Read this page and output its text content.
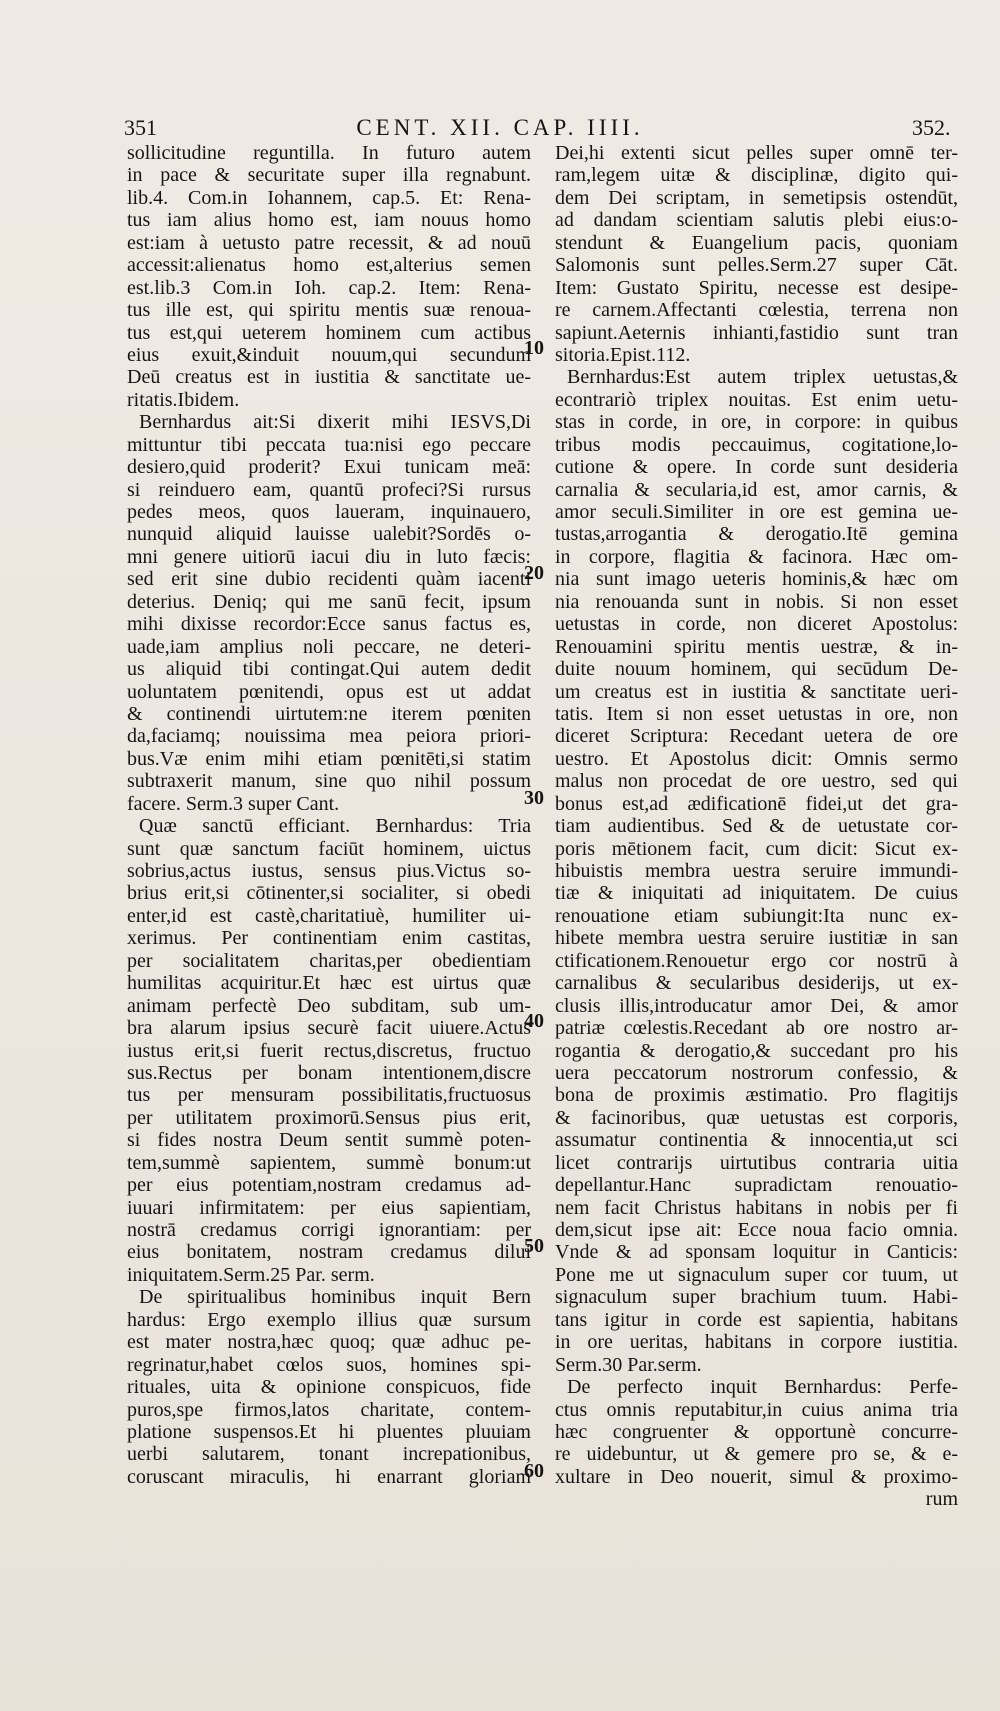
351	CENT. XII. CAP. IIII.	352.
sollicitudine reguntilla. In futuro autem
in pace & securitate super illa regnabunt.
lib.4. Com.in Iohannem, cap.5. Et: Rena-
tus iam alius homo est, iam nouus homo
est:iam à uetusto patre recessit, & ad nouū
accessit:alienatus homo est,alterius semen
est.lib.3 Com.in Ioh. cap.2. Item: Rena-
tus ille est, qui spiritu mentis suæ renoua-
tus est,qui ueterem hominem cum actibus
eius exuit,&induit nouum,qui secundum
Deū creatus est in iustitia & sanctitate ue-
ritatis.Ibidem.
Bernhardus ait:Si dixerit mihi IESVS,Di
mittuntur tibi peccata tua:nisi ego peccare
desiero,quid proderit? Exui tunicam meā:
si reinduero eam, quantū profeci?Si rursus
pedes meos, quos laueram, inquinauero,
nunquid aliquid lauisse ualebit?Sordēs o-
mni genere uitiorū iacui diu in luto fæcis:
sed erit sine dubio recidenti quàm iacenti
deterius. Deniq; qui me sanū fecit, ipsum
mihi dixisse recordor:Ecce sanus factus es,
uade,iam amplius noli peccare, ne deteri-
us aliquid tibi contingat.Qui autem dedit
uoluntatem pœnitendi, opus est ut addat
& continendi uirtutem:ne iterem pœniten
da,faciamq; nouissima mea peiora priori-
bus.Væ enim mihi etiam pœnitēti,si statim
subtraxerit manum, sine quo nihil possum
facere. Serm.3 super Cant.
Quæ sanctū efficiant. Bernhardus: Tria
sunt quæ sanctum faciūt hominem, uictus
sobrius,actus iustus, sensus pius.Victus so-
brius erit,si cōtinenter,si socialiter, si obedi
enter,id est castè,charitatiuè, humiliter ui-
xerimus. Per continentiam enim castitas,
per socialitatem charitas,per obedientiam
humilitas acquiritur.Et hæc est uirtus quæ
animam perfectè Deo subditam, sub um-
bra alarum ipsius securè facit uiuere.Actus
iustus erit,si fuerit rectus,discretus, fructuo
sus.Rectus per bonam intentionem,discre
tus per mensuram possibilitatis,fructuosus
per utilitatem proximorū.Sensus pius erit,
si fides nostra Deum sentit summè poten-
tem,summè sapientem, summè bonum:ut
per eius potentiam,nostram credamus ad-
iuuari infirmitatem: per eius sapientiam,
nostrā credamus corrigi ignorantiam: per
eius bonitatem, nostram credamus dilui
iniquitatem.Serm.25 Par. serm.
De spiritualibus hominibus inquit Bern
hardus: Ergo exemplo illius quæ sursum
est mater nostra,hæc quoq; quæ adhuc pe-
regrinatur,habet cœlos suos, homines spi-
rituales, uita & opinione conspicuos, fide
puros,spe firmos,latos charitate, contem-
platione suspensos.Et hi pluentes pluuiam
uerbi salutarem, tonant increpationibus,
coruscant miraculis, hi enarrant gloriam
Dei,hi extenti sicut pelles super omnē ter-
ram,legem uitæ & disciplinæ, digito qui-
dem Dei scriptam, in semetipsis ostendūt,
ad dandam scientiam salutis plebi eius:o-
stendunt & Euangelium pacis, quoniam
Salomonis sunt pelles.Serm.27 super Cāt.
Item: Gustato Spiritu, necesse est desipe-
re carnem.Affectanti cœlestia, terrena non
sapiunt.Aeternis inhianti,fastidio sunt tran
sitoria.Epist.112.
Bernhardus:Est autem triplex uetustas,&
econtrariò triplex nouitas. Est enim uetu-
stas in corde, in ore, in corpore: in quibus
tribus modis peccauimus, cogitatione,lo-
cutione & opere. In corde sunt desideria
carnalia & secularia,id est, amor carnis, &
amor seculi.Similiter in ore est gemina ue-
tustas,arrogantia & derogatio.Itē gemina
in corpore, flagitia & facinora. Hæc om-
nia sunt imago ueteris hominis,& hæc om
nia renouanda sunt in nobis. Si non esset
uetustas in corde, non diceret Apostolus:
Renouamini spiritu mentis uestræ, & in-
duite nouum hominem, qui secūdum De-
um creatus est in iustitia & sanctitate ueri-
tatis. Item si non esset uetustas in ore, non
diceret Scriptura: Recedant uetera de ore
uestro. Et Apostolus dicit: Omnis sermo
malus non procedat de ore uestro, sed qui
bonus est,ad ædificationē fidei,ut det gra-
tiam audientibus. Sed & de uetustate cor-
poris mētionem facit, cum dicit: Sicut ex-
hibuistis membra uestra seruire immundi-
tiæ & iniquitati ad iniquitatem. De cuius
renouatione etiam subiungit:Ita nunc ex-
hibete membra uestra seruire iustitiæ in san
ctificationem.Renouetur ergo cor nostrū à
carnalibus & secularibus desiderijs, ut ex-
clusis illis,introducatur amor Dei, & amor
patriæ cœlestis.Recedant ab ore nostro ar-
rogantia & derogatio,& succedant pro his
uera peccatorum nostrorum confessio, &
bona de proximis æstimatio. Pro flagitijs
& facinoribus, quæ uetustas est corporis,
assumatur continentia & innocentia,ut sci
licet contrarijs uirtutibus contraria uitia
depellantur.Hanc supradictam renouatio-
nem facit Christus habitans in nobis per fi
dem,sicut ipse ait: Ecce noua facio omnia.
Vnde & ad sponsam loquitur in Canticis:
Pone me ut signaculum super cor tuum, ut
signaculum super brachium tuum. Habi-
tans igitur in corde est sapientia, habitans
in ore ueritas, habitans in corpore iustitia.
Serm.30 Par.serm.
De perfecto inquit Bernhardus: Perfe-
ctus omnis reputabitur,in cuius anima tria
hæc congruenter & opportunè concurre-
re uidebuntur, ut & gemere pro se, & e-
xultare in Deo nouerit, simul & proximo-
rum
10
20
30
40
50
60
